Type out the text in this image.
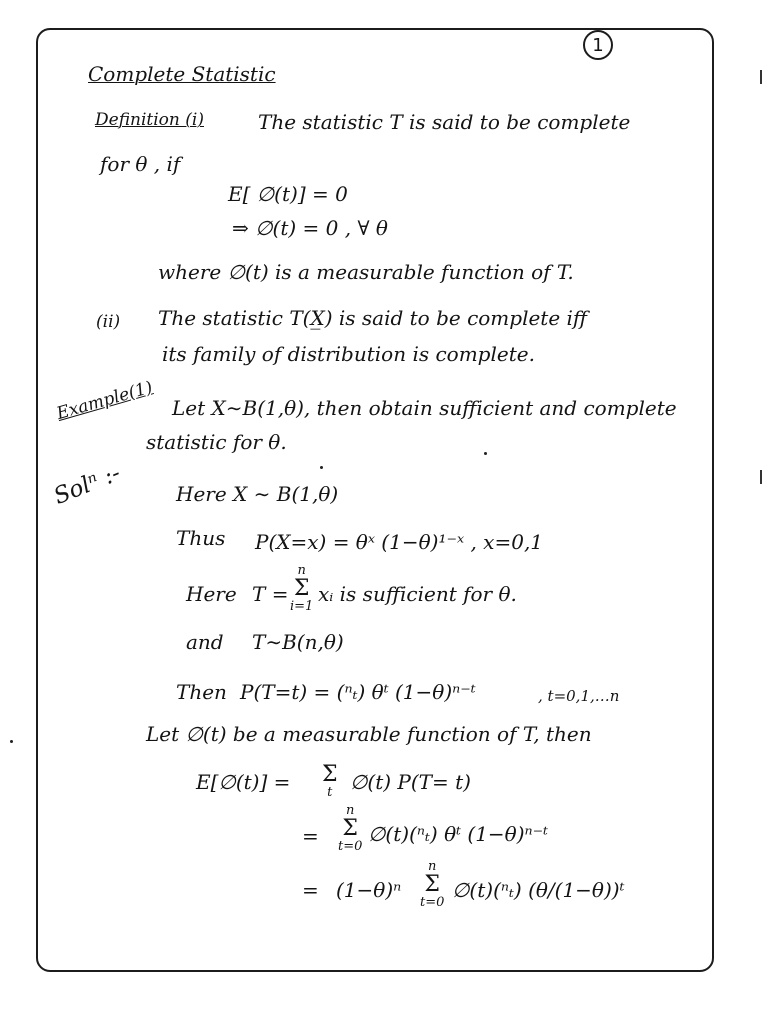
1
Complete Statistic
Definition (i)	The statistic T is said to be complete
for θ , if
E[ ∅(t)] = 0
⇒ ∅(t) = 0 , ∀ θ
where ∅(t) is a measurable function of T.
(ii) The statistic T(X̲) is said to be complete iff
its family of distribution is complete.
Example(1) Let X∼B(1,θ), then obtain sufficient and complete
statistic for θ.
Solⁿ :-	Here X ∼ B(1,θ)
Thus P(X=x) = θˣ (1−θ)¹⁻ˣ , x=0,1
Here T =
n
Σ
i=1
xᵢ is sufficient for θ.
and T∼B(n,θ)
Then P(T=t) = (ⁿₜ) θᵗ (1−θ)ⁿ⁻ᵗ	, t=0,1,…n
Let ∅(t) be a measurable function of T, then
E[∅(t)] = Σ
t ∅(t) P(T= t)
=
n
Σ
t=0
∅(t)(ⁿₜ) θᵗ (1−θ)ⁿ⁻ᵗ
= (1−θ)ⁿ
n
Σ
t=0
∅(t)(ⁿₜ) (θ/(1−θ))ᵗ
